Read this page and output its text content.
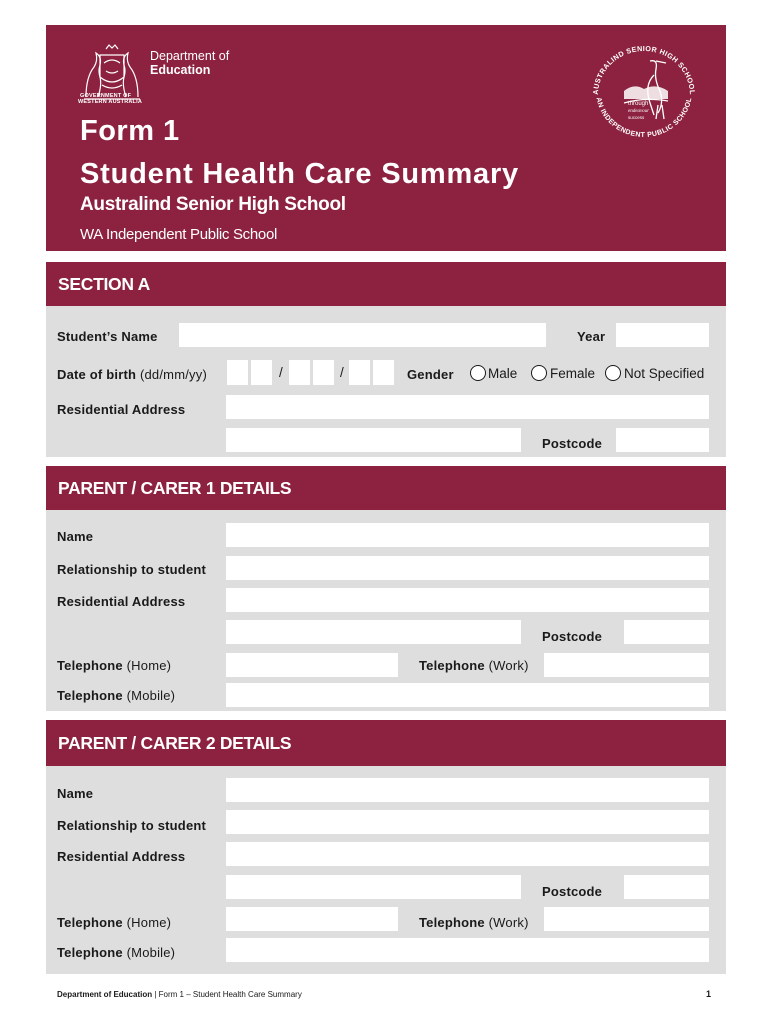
Department of
Education
GOVERNMENT OF
WESTERN AUSTRALIA
Form 1
Student Health Care Summary
Australind Senior High School
WA Independent Public School
AUSTRALIND SENIOR HIGH SCHOOL
AN INDEPENDENT PUBLIC SCHOOL
through
endeavour
success
SECTION A
Student’s Name	Year
Date of birth (dd/mm/yy)	/	/	Gender	Male Female Not Specified
Residential Address
Postcode
PARENT / CARER 1 DETAILS
Name
Relationship to student
Residential Address
Postcode
Telephone (Home)	Telephone (Work)
Telephone (Mobile)
PARENT / CARER 2 DETAILS
Name
Relationship to student
Residential Address
Postcode
Telephone (Home)	Telephone (Work)
Telephone (Mobile)
Department of Education | Form 1 – Student Health Care Summary	1
